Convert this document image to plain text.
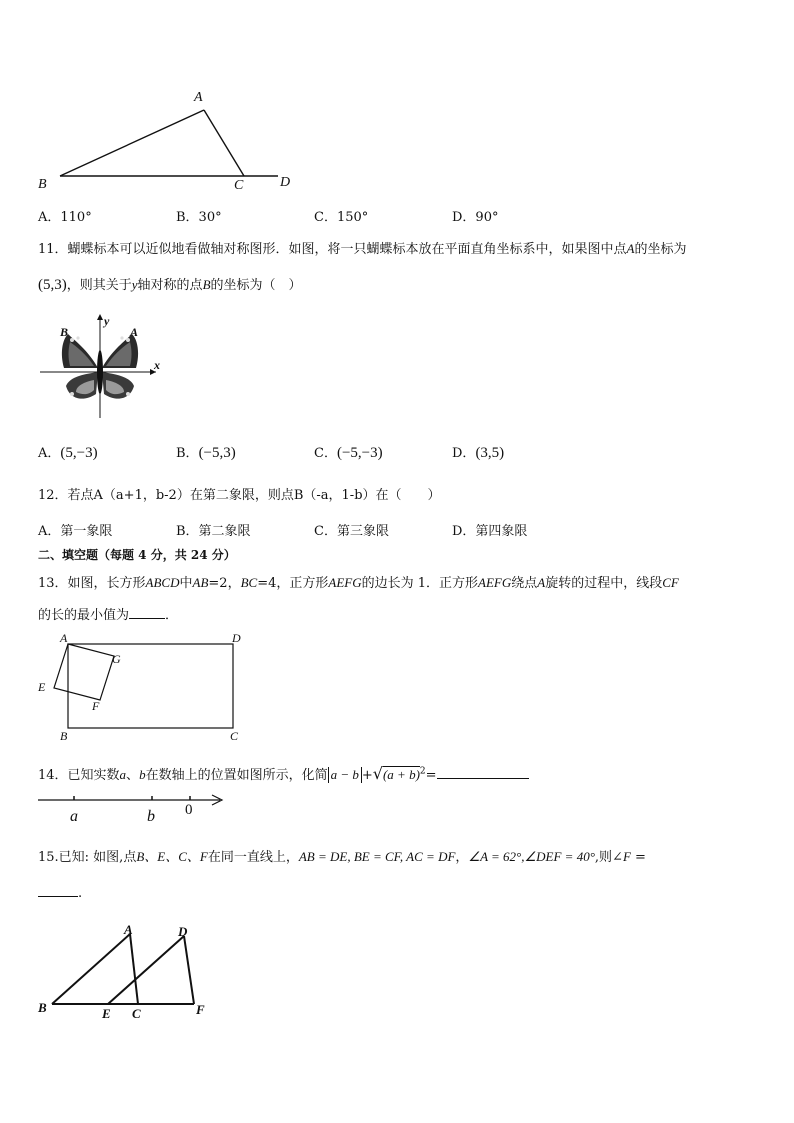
A
B	C	D
A．110°	B．30°	C．150°	D．90°
11．蝴蝶标本可以近似地看做轴对称图形．如图，将一只蝴蝶标本放在平面直角坐标系中，如果图中点A的坐标为
(5,3)，则其关于y轴对称的点B的坐标为（　）
B	A
y
x
A．(5,−3)	B．(−5,3)	C．(−5,−3)	D．(3,5)
12．若点A（a+1，b-2）在第二象限，则点B（-a，1-b）在（　　）
A．第一象限	B．第二象限	C．第三象限	D．第四象限
二、填空题（每题 4 分，共 24 分）
13．如图，长方形ABCD中AB=2，BC=4，正方形AEFG的边长为 1．正方形AEFG绕点A旋转的过程中，线段CF
的长的最小值为	．
A	D
G
E
F
B	C
14．已知实数a、b在数轴上的位置如图所示，化简 $a - b +√(a + b)^2=$
a	b 0
15.已知: 如图,点B、E、C、F在同一直线上，AB = DE, BE = CF, AC = DF，∠A = 62°,∠DEF = 40°,则∠F =
.
A	D
B	E C	F
